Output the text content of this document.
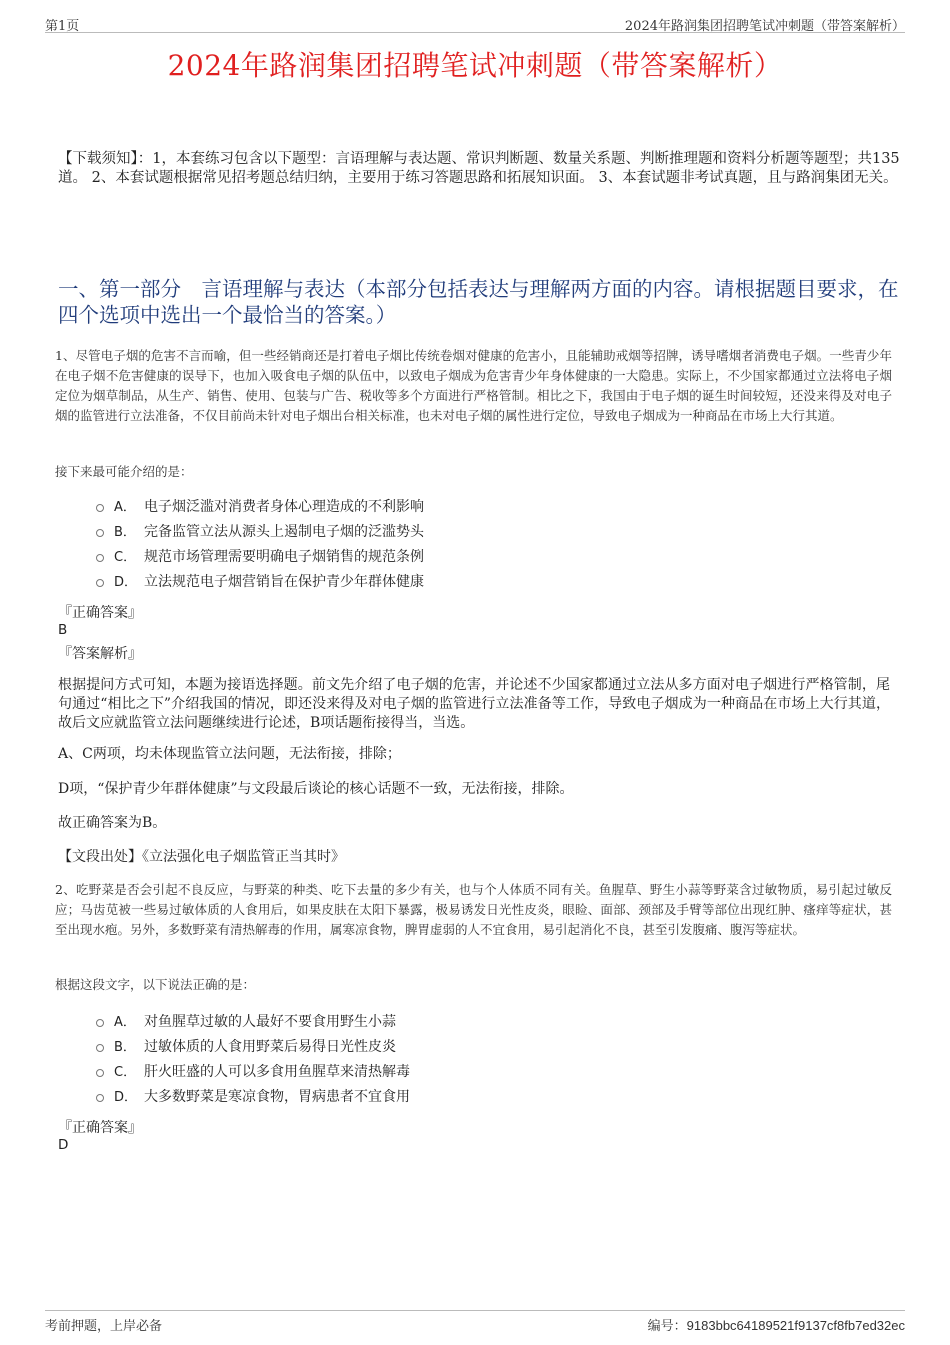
第1页	2024年路润集团招聘笔试冲刺题（带答案解析）
2024年路润集团招聘笔试冲刺题（带答案解析）
【下载须知】：1，本套练习包含以下题型：言语理解与表达题、常识判断题、数量关系题、判断推理题和资料分析题等题型；共135道。 2、本套试题根据常见招考题总结归纳，主要用于练习答题思路和拓展知识面。 3、本套试题非考试真题，且与路润集团无关。
一、第一部分　言语理解与表达（本部分包括表达与理解两方面的内容。请根据题目要求，在四个选项中选出一个最恰当的答案。）
1、尽管电子烟的危害不言而喻，但一些经销商还是打着电子烟比传统卷烟对健康的危害小，且能辅助戒烟等招牌，诱导嗜烟者消费电子烟。一些青少年在电子烟不危害健康的误导下，也加入吸食电子烟的队伍中，以致电子烟成为危害青少年身体健康的一大隐患。实际上，不少国家都通过立法将电子烟定位为烟草制品，从生产、销售、使用、包装与广告、税收等多个方面进行严格管制。相比之下，我国由于电子烟的诞生时间较短，还没来得及对电子烟的监管进行立法准备，不仅目前尚未针对电子烟出台相关标准，也未对电子烟的属性进行定位，导致电子烟成为一种商品在市场上大行其道。
接下来最可能介绍的是：
A． 电子烟泛滥对消费者身体心理造成的不利影响
B． 完备监管立法从源头上遏制电子烟的泛滥势头
C． 规范市场管理需要明确电子烟销售的规范条例
D． 立法规范电子烟营销旨在保护青少年群体健康
『正确答案』
B
『答案解析』
根据提问方式可知，本题为接语选择题。前文先介绍了电子烟的危害，并论述不少国家都通过立法从多方面对电子烟进行严格管制，尾句通过“相比之下”介绍我国的情况，即还没来得及对电子烟的监管进行立法准备等工作，导致电子烟成为一种商品在市场上大行其道，故后文应就监管立法问题继续进行论述，B项话题衔接得当，当选。
A、C两项，均未体现监管立法问题，无法衔接，排除；
D项，“保护青少年群体健康”与文段最后谈论的核心话题不一致，无法衔接，排除。
故正确答案为B。
【文段出处】《立法强化电子烟监管正当其时》
2、吃野菜是否会引起不良反应，与野菜的种类、吃下去量的多少有关，也与个人体质不同有关。鱼腥草、野生小蒜等野菜含过敏物质，易引起过敏反应；马齿苋被一些易过敏体质的人食用后，如果皮肤在太阳下暴露，极易诱发日光性皮炎，眼睑、面部、颈部及手臂等部位出现红肿、瘙痒等症状，甚至出现水疱。另外，多数野菜有清热解毒的作用，属寒凉食物，脾胃虚弱的人不宜食用，易引起消化不良，甚至引发腹痛、腹泻等症状。
根据这段文字，以下说法正确的是：
A． 对鱼腥草过敏的人最好不要食用野生小蒜
B． 过敏体质的人食用野菜后易得日光性皮炎
C． 肝火旺盛的人可以多食用鱼腥草来清热解毒
D． 大多数野菜是寒凉食物，胃病患者不宜食用
『正确答案』
D
考前押题，上岸必备	编号：9183bbc64189521f9137cf8fb7ed32ec
